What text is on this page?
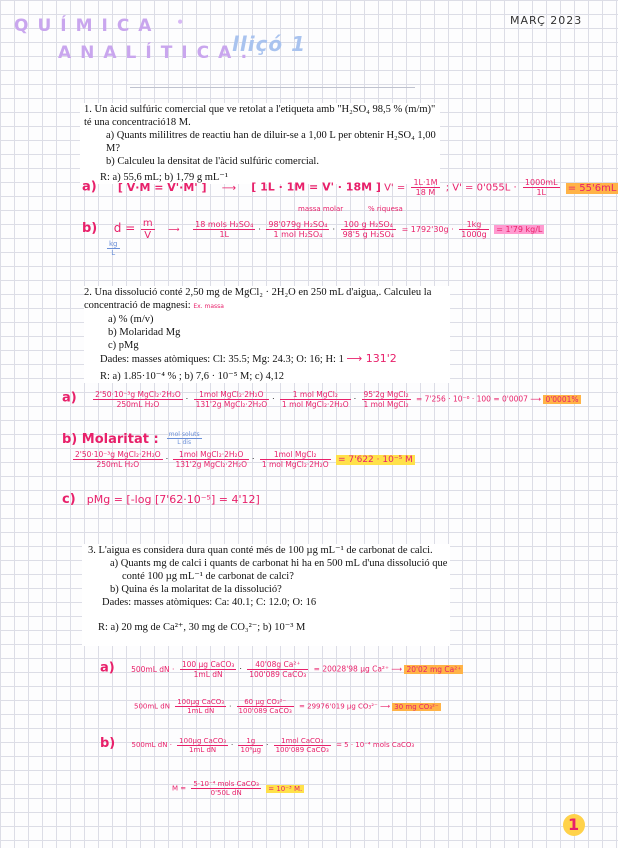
QUÍMICA •
ANALÍTICA.
lliçó 1
MARÇ 2023

1. Un àcid sulfúric comercial que ve retolat a l'etiqueta amb "H₂SO₄ 98,5 % (m/m)" té una concentració18 M.

a) Quants mililitres de reactiu han de diluir-se a 1,00 L per obtenir H₂SO₄ 1,00 M?

b) Calculeu la densitat de l'àcid sulfúric comercial.

R: a) 55,6 mL; b) 1,79 g mL⁻¹

a) [ V·M = V'·M' ] ⟶ [ 1L · 1M = V' · 18M ] $V' = \frac{1L\cdot 1M}{18 M}$ ; $V' = 0'055L \cdot \frac{1000mL}{1L} = 55'6mL$
b) $d = \frac{m}{V}$ ⟶ $\frac{\text{18 mols H₂SO₄}}{1L} \cdot \frac{\text{98'079g H₂SO₄}}{\text{1 mol H₂SO₄}} \cdot \frac{\text{100 g H₂SO₄}}{\text{98'5 g H₂SO₄}} = 1792'30g \cdot \frac{1kg}{1000g} = 1'79$ kg/L
$\frac{kg}{L}$
massa molar	% riquesa

2. Una dissolució conté 2,50 mg de MgCl₂ · 2H₂O en 250 mL d'aigua,. Calculeu la concentració de magnesi: Ex. massa

a) % (m/v)

b) Molaridad Mg

c) pMg

Dades: masses atòmiques: Cl: 35.5; Mg: 24.3; O: 16; H: 1 ⟶ 131'2

R: a) 1.85·10⁻⁴ % ; b) 7,6 · 10⁻⁵ M; c) 4,12

$a) \frac{\text{2'50·10⁻³g MgCl₂·2H₂O}}{\text{250mL H₂O}} \cdot \frac{\text{1mol MgCl₂·2H₂O}}{\text{131'2g MgCl₂·2H₂O}} \cdot \frac{\text{1 mol MgCl₂}}{\text{1 mol MgCl₂·2H₂O}} \cdot \frac{\text{95'2g MgCl₂}}{\text{1 mol MgCl₂}} = 7'256 \cdot 10^{-6} \cdot 100 = 0'0007$ ⟶ 0'0001%
b) Molaritat : $\frac{\text{mol soluts}}{\text{L dis}}$
$\frac{\text{2'50·10⁻³g MgCl₂·2H₂O}}{\text{250mL H₂O}} \cdot \frac{\text{1mol MgCl₂·2H₂O}}{\text{131'2g MgCl₂·2H₂O}} \cdot \frac{\text{1mol MgCl₂}}{\text{1 mol MgCl₂·2H₂O}} = 7'622 \cdot 10^{-5}$ M
c) pMg = [-log [7'62·10⁻⁵] = 4'12]

3. L'aigua es considera dura quan conté més de 100 µg mL⁻¹ de carbonat de calci.

a) Quants mg de calci i quants de carbonat hi ha en 500 mL d'una dissolució que conté 100 µg mL⁻¹ de carbonat de calci?

b) Quina és la molaritat de la dissolució?

Dades: masses atòmiques: Ca: 40.1; C: 12.0; O: 16

R: a) 20 mg de Ca²⁺, 30 mg de CO₃²⁻; b) 10⁻³ M

a) 500mL dN · $\frac{\text{100 µg CaCO₃}}{\text{1mL dN}} \cdot \frac{\text{40'08g Ca²⁺}}{\text{100'089 CaCO₃}} = 20028'98$ µg Ca²⁺ ⟶ 20'02 mg Ca²⁺
500mL dN $\frac{\text{100µg CaCO₃}}{\text{1mL dN}} \cdot \frac{\text{60 µg CO₃²⁻}}{\text{100'089 CaCO₃}} = 29976'019$ µg CO₃²⁻ ⟶ 30 mg CO₃²⁻
b) 500mL dN · $\frac{\text{100µg CaCO₃}}{\text{1mL dN}} \cdot \frac{1g}{\text{10⁶µg}} \cdot \frac{\text{1mol CaCO₃}}{\text{100'089 CaCO₃}} = 5 \cdot 10^{-4}$ mols CaCO₃
$M = \frac{\text{5·10⁻⁴ mols CaCO₃}}{\text{0'50L dN}} = 10^{-3}$ M.
1
